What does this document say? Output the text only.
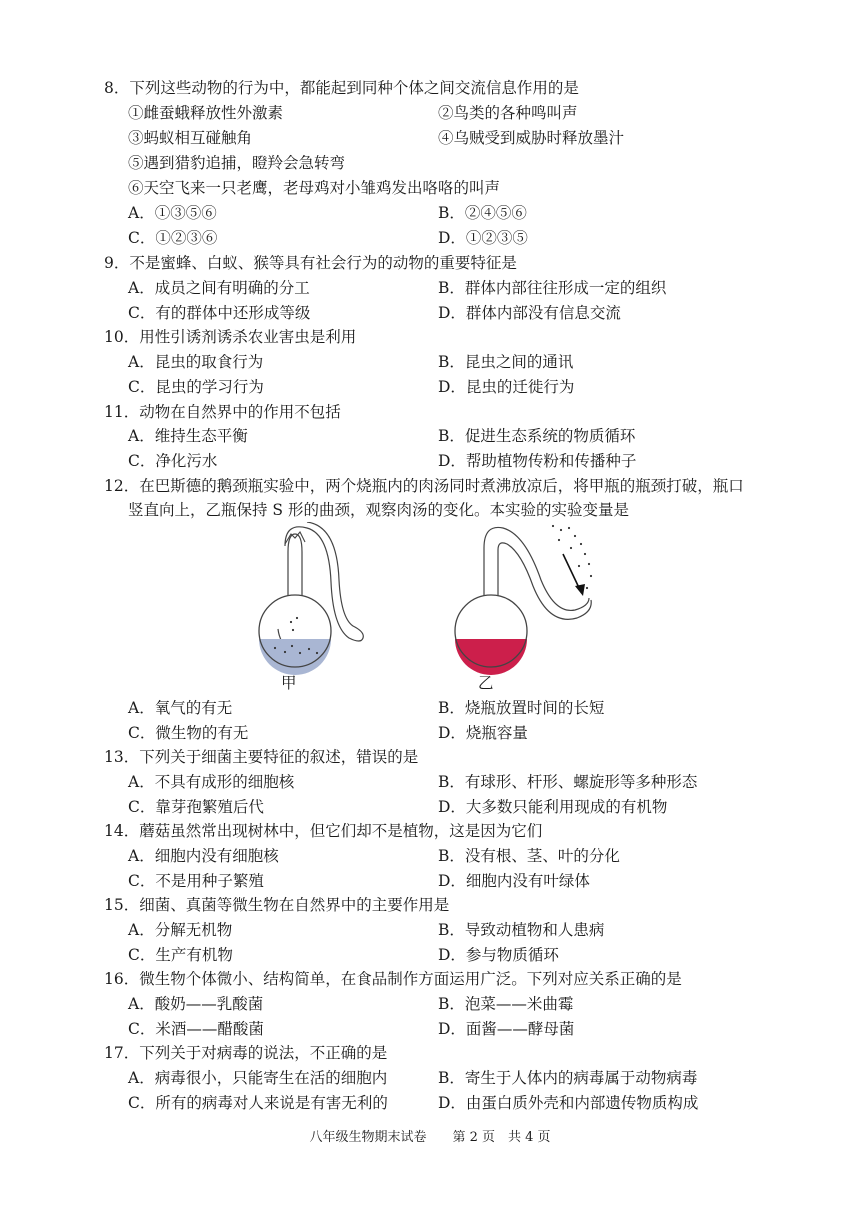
8．下列这些动物的行为中，都能起到同种个体之间交流信息作用的是
①雌蚕蛾释放性外激素	②鸟类的各种鸣叫声
③蚂蚁相互碰触角	④乌贼受到威胁时释放墨汁
⑤遇到猎豹追捕，瞪羚会急转弯
⑥天空飞来一只老鹰，老母鸡对小雏鸡发出咯咯的叫声
A．①③⑤⑥	B．②④⑤⑥
C．①②③⑥	D．①②③⑤
9．不是蜜蜂、白蚁、猴等具有社会行为的动物的重要特征是
A．成员之间有明确的分工	B．群体内部往往形成一定的组织
C．有的群体中还形成等级	D．群体内部没有信息交流
10．用性引诱剂诱杀农业害虫是利用
A．昆虫的取食行为	B．昆虫之间的通讯
C．昆虫的学习行为	D．昆虫的迁徙行为
11．动物在自然界中的作用不包括
A．维持生态平衡	B．促进生态系统的物质循环
C．净化污水	D．帮助植物传粉和传播种子
12．在巴斯德的鹅颈瓶实验中，两个烧瓶内的肉汤同时煮沸放凉后，将甲瓶的瓶颈打破，瓶口
竖直向上，乙瓶保持 S 形的曲颈，观察肉汤的变化。本实验的实验变量是
甲	乙
A．氧气的有无	B．烧瓶放置时间的长短
C．微生物的有无	D．烧瓶容量
13．下列关于细菌主要特征的叙述，错误的是
A．不具有成形的细胞核	B．有球形、杆形、螺旋形等多种形态
C．靠芽孢繁殖后代	D．大多数只能利用现成的有机物
14．蘑菇虽然常出现树林中，但它们却不是植物，这是因为它们
A．细胞内没有细胞核	B．没有根、茎、叶的分化
C．不是用种子繁殖	D．细胞内没有叶绿体
15．细菌、真菌等微生物在自然界中的主要作用是
A．分解无机物	B．导致动植物和人患病
C．生产有机物	D．参与物质循环
16．微生物个体微小、结构简单，在食品制作方面运用广泛。下列对应关系正确的是
A．酸奶——乳酸菌	B．泡菜——米曲霉
C．米酒——醋酸菌	D．面酱——酵母菌
17．下列关于对病毒的说法，不正确的是
A．病毒很小，只能寄生在活的细胞内	B．寄生于人体内的病毒属于动物病毒
C．所有的病毒对人来说是有害无利的	D．由蛋白质外壳和内部遗传物质构成
八年级生物期末试卷　　第 2 页　共 4 页
